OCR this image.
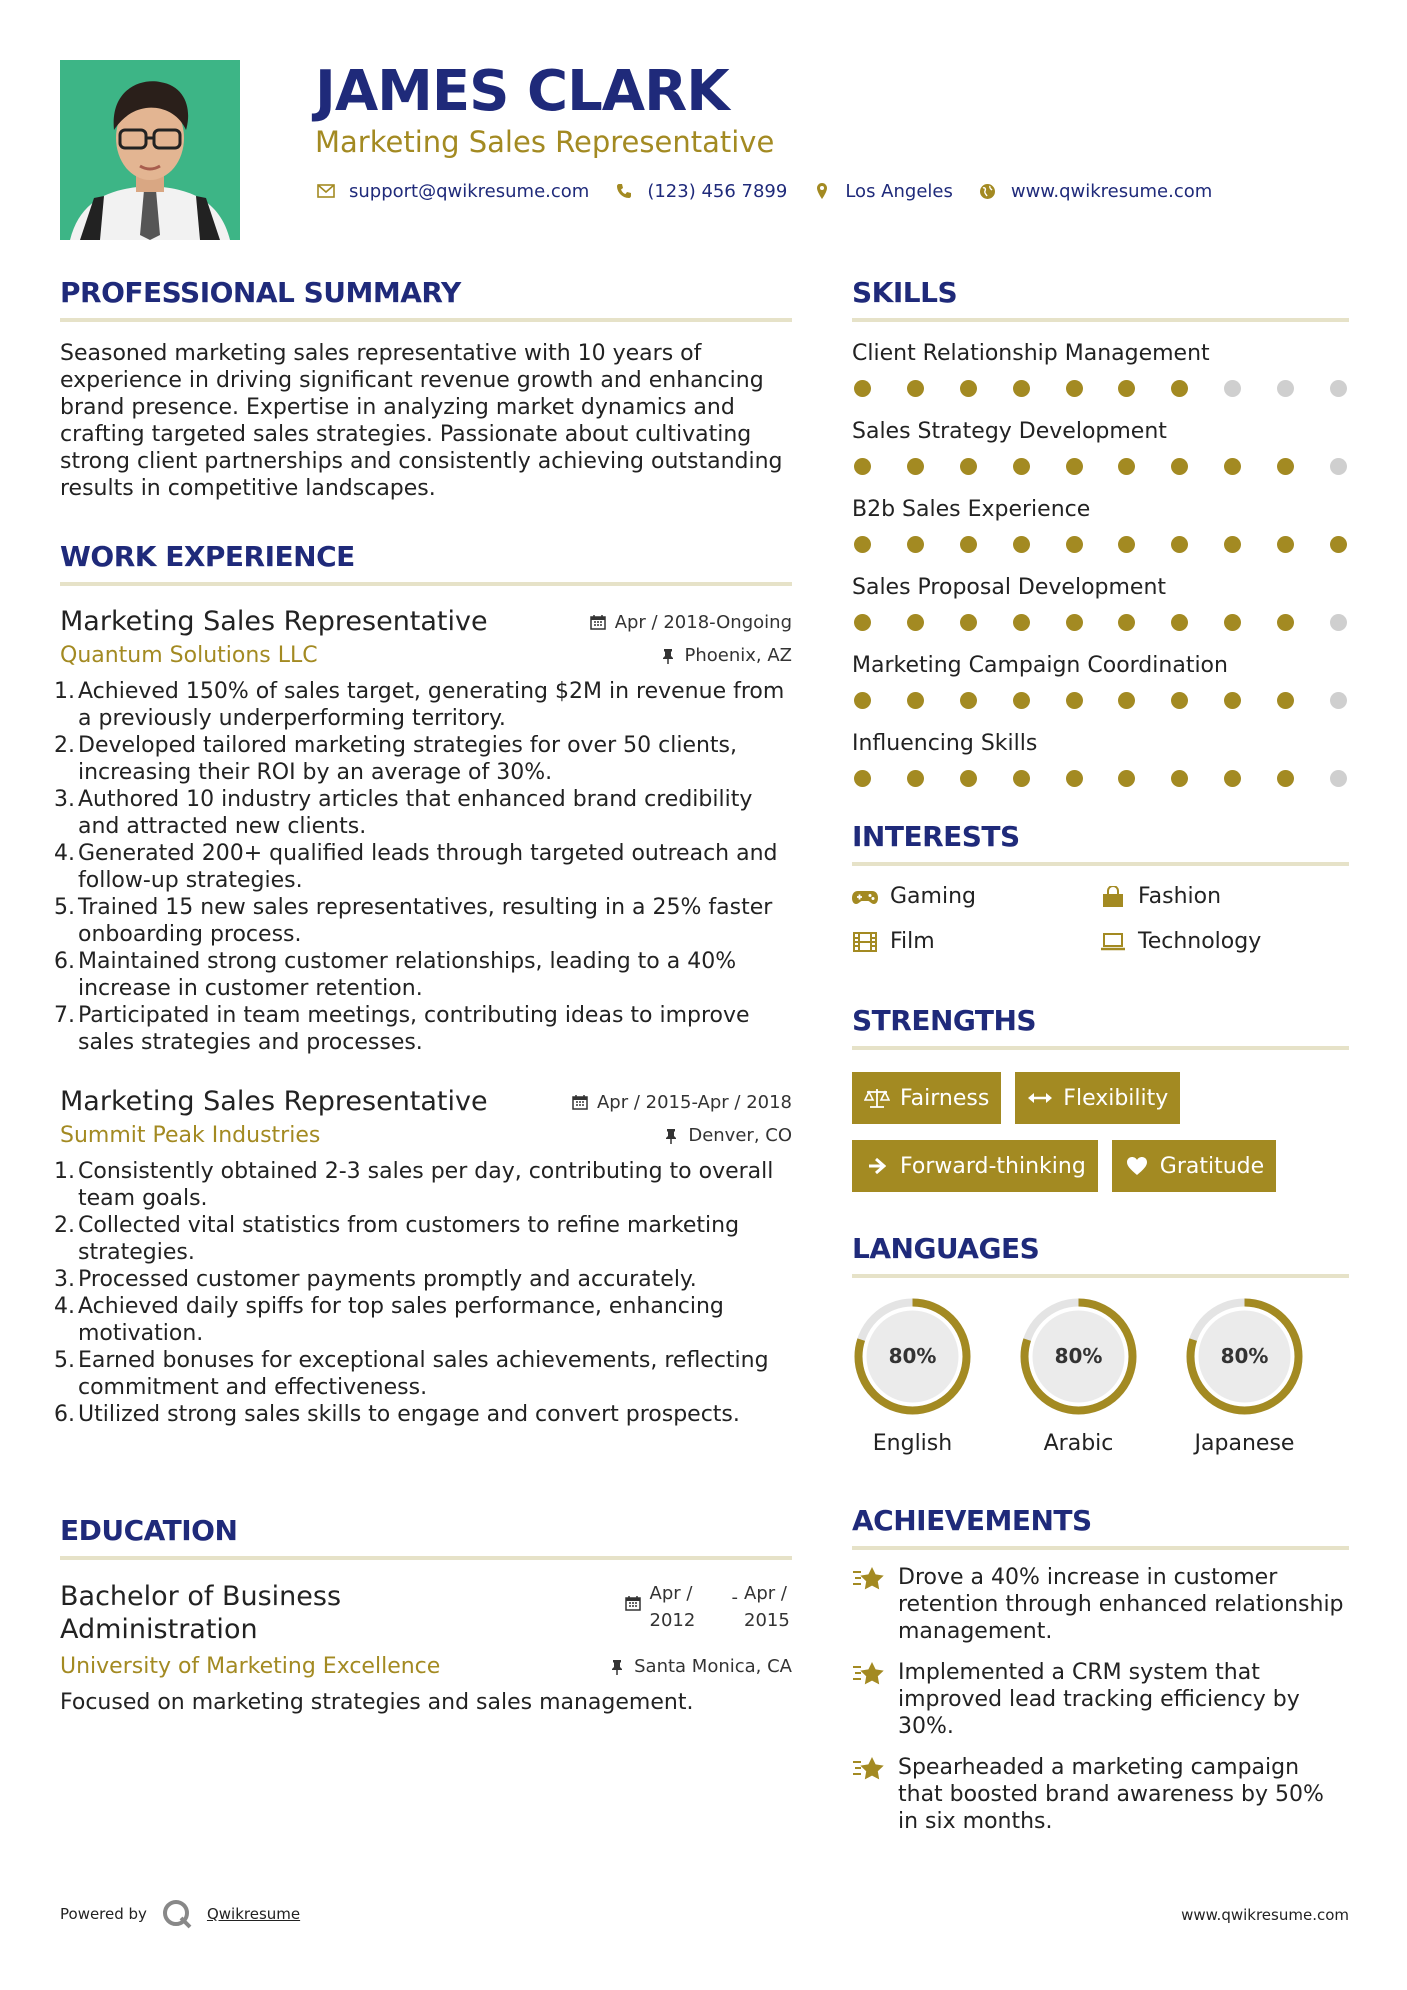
JAMES CLARK
Marketing Sales Representative
support@qwikresume.com	(123) 456 7899	Los Angeles	www.qwikresume.com
PROFESSIONAL SUMMARY
Seasoned marketing sales representative with 10 years of experience in driving significant revenue growth and enhancing brand presence. Expertise in analyzing market dynamics and crafting targeted sales strategies. Passionate about cultivating strong client partnerships and consistently achieving outstanding results in competitive landscapes.
WORK EXPERIENCE
Marketing Sales Representative	Apr / 2018-Ongoing
Quantum Solutions LLC	Phoenix, AZ
1. Achieved 150% of sales target, generating $2M in revenue from a previously underperforming territory.
2. Developed tailored marketing strategies for over 50 clients, increasing their ROI by an average of 30%.
3. Authored 10 industry articles that enhanced brand credibility and attracted new clients.
4. Generated 200+ qualified leads through targeted outreach and follow-up strategies.
5. Trained 15 new sales representatives, resulting in a 25% faster onboarding process.
6. Maintained strong customer relationships, leading to a 40% increase in customer retention.
7. Participated in team meetings, contributing ideas to improve sales strategies and processes.
Marketing Sales Representative	Apr / 2015-Apr / 2018
Summit Peak Industries	Denver, CO
1. Consistently obtained 2-3 sales per day, contributing to overall team goals.
2. Collected vital statistics from customers to refine marketing strategies.
3. Processed customer payments promptly and accurately.
4. Achieved daily spiffs for top sales performance, enhancing motivation.
5. Earned bonuses for exceptional sales achievements, reflecting commitment and effectiveness.
6. Utilized strong sales skills to engage and convert prospects.
EDUCATION
Bachelor of Business Administration
Apr /
2012
- Apr /
2015
University of Marketing Excellence	Santa Monica, CA
Focused on marketing strategies and sales management.
SKILLS
Client Relationship Management
Sales Strategy Development
B2b Sales Experience
Sales Proposal Development
Marketing Campaign Coordination
Influencing Skills
INTERESTS
Gaming	Fashion
Film	Technology
STRENGTHS
Fairness	Flexibility
Forward-thinking	Gratitude
LANGUAGES
80%
English
80%
Arabic
80%
Japanese
ACHIEVEMENTS
Drove a 40% increase in customer retention through enhanced relationship management.
Implemented a CRM system that improved lead tracking efficiency by 30%.
Spearheaded a marketing campaign that boosted brand awareness by 50% in six months.
Powered by	Qwikresume	www.qwikresume.com
